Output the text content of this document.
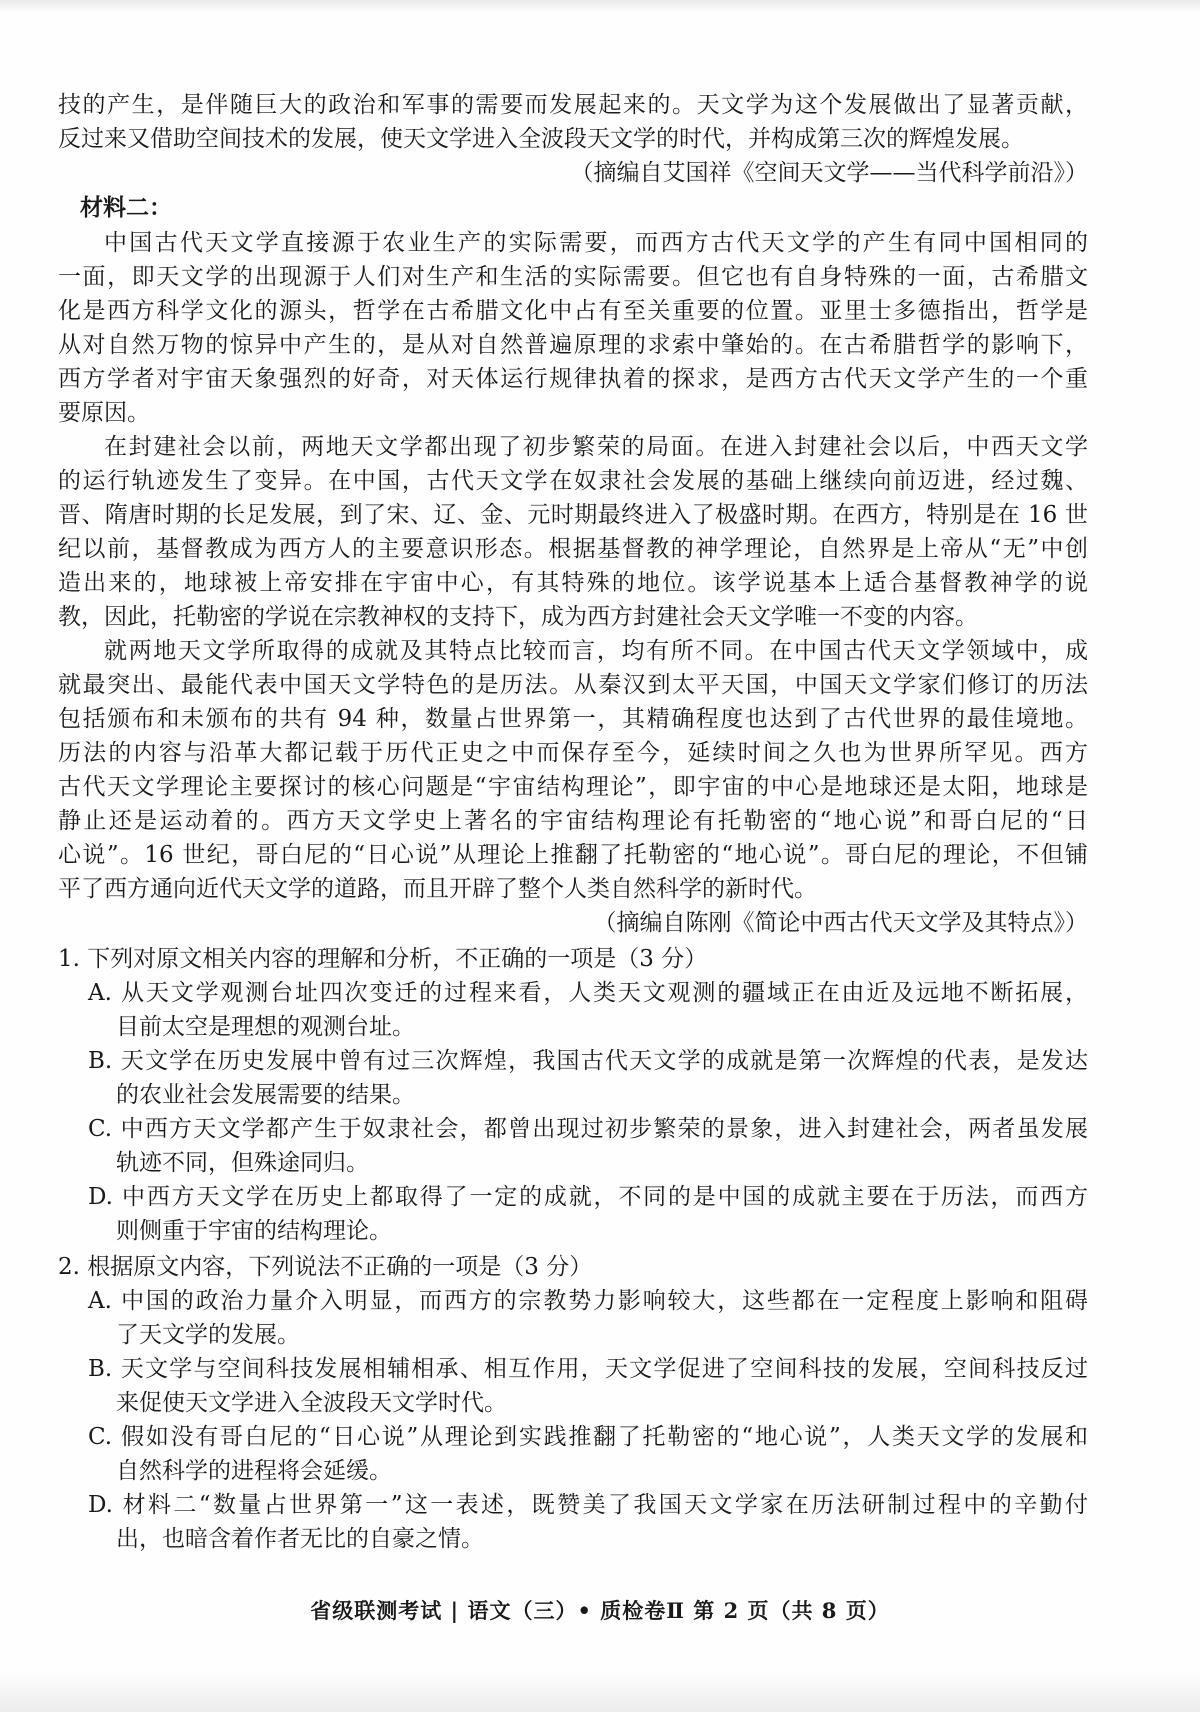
技的产生，是伴随巨大的政治和军事的需要而发展起来的。天文学为这个发展做出了显著贡献，
反过来又借助空间技术的发展，使天文学进入全波段天文学的时代，并构成第三次的辉煌发展。
（摘编自艾国祥《空间天文学——当代科学前沿》）
材料二：
中国古代天文学直接源于农业生产的实际需要，而西方古代天文学的产生有同中国相同的
一面，即天文学的出现源于人们对生产和生活的实际需要。但它也有自身特殊的一面，古希腊文
化是西方科学文化的源头，哲学在古希腊文化中占有至关重要的位置。亚里士多德指出，哲学是
从对自然万物的惊异中产生的，是从对自然普遍原理的求索中肇始的。在古希腊哲学的影响下，
西方学者对宇宙天象强烈的好奇，对天体运行规律执着的探求，是西方古代天文学产生的一个重
要原因。
在封建社会以前，两地天文学都出现了初步繁荣的局面。在进入封建社会以后，中西天文学
的运行轨迹发生了变异。在中国，古代天文学在奴隶社会发展的基础上继续向前迈进，经过魏、
晋、隋唐时期的长足发展，到了宋、辽、金、元时期最终进入了极盛时期。在西方，特别是在 16 世
纪以前，基督教成为西方人的主要意识形态。根据基督教的神学理论，自然界是上帝从“无”中创
造出来的，地球被上帝安排在宇宙中心，有其特殊的地位。该学说基本上适合基督教神学的说
教，因此，托勒密的学说在宗教神权的支持下，成为西方封建社会天文学唯一不变的内容。
就两地天文学所取得的成就及其特点比较而言，均有所不同。在中国古代天文学领域中，成
就最突出、最能代表中国天文学特色的是历法。从秦汉到太平天国，中国天文学家们修订的历法
包括颁布和未颁布的共有 94 种，数量占世界第一，其精确程度也达到了古代世界的最佳境地。
历法的内容与沿革大都记载于历代正史之中而保存至今，延续时间之久也为世界所罕见。西方
古代天文学理论主要探讨的核心问题是“宇宙结构理论”，即宇宙的中心是地球还是太阳，地球是
静止还是运动着的。西方天文学史上著名的宇宙结构理论有托勒密的“地心说”和哥白尼的“日
心说”。16 世纪，哥白尼的“日心说”从理论上推翻了托勒密的“地心说”。哥白尼的理论，不但铺
平了西方通向近代天文学的道路，而且开辟了整个人类自然科学的新时代。
（摘编自陈刚《简论中西古代天文学及其特点》）
1. 下列对原文相关内容的理解和分析，不正确的一项是（3 分）
A. 从天文学观测台址四次变迁的过程来看，人类天文观测的疆域正在由近及远地不断拓展，
目前太空是理想的观测台址。
B. 天文学在历史发展中曾有过三次辉煌，我国古代天文学的成就是第一次辉煌的代表，是发达
的农业社会发展需要的结果。
C. 中西方天文学都产生于奴隶社会，都曾出现过初步繁荣的景象，进入封建社会，两者虽发展
轨迹不同，但殊途同归。
D. 中西方天文学在历史上都取得了一定的成就，不同的是中国的成就主要在于历法，而西方
则侧重于宇宙的结构理论。
2. 根据原文内容，下列说法不正确的一项是（3 分）
A. 中国的政治力量介入明显，而西方的宗教势力影响较大，这些都在一定程度上影响和阻碍
了天文学的发展。
B. 天文学与空间科技发展相辅相承、相互作用，天文学促进了空间科技的发展，空间科技反过
来促使天文学进入全波段天文学时代。
C. 假如没有哥白尼的“日心说”从理论到实践推翻了托勒密的“地心说”，人类天文学的发展和
自然科学的进程将会延缓。
D. 材料二“数量占世界第一”这一表述，既赞美了我国天文学家在历法研制过程中的辛勤付
出，也暗含着作者无比的自豪之情。
省级联测考试 | 语文（三）• 质检卷Ⅱ 第 2 页（共 8 页）
